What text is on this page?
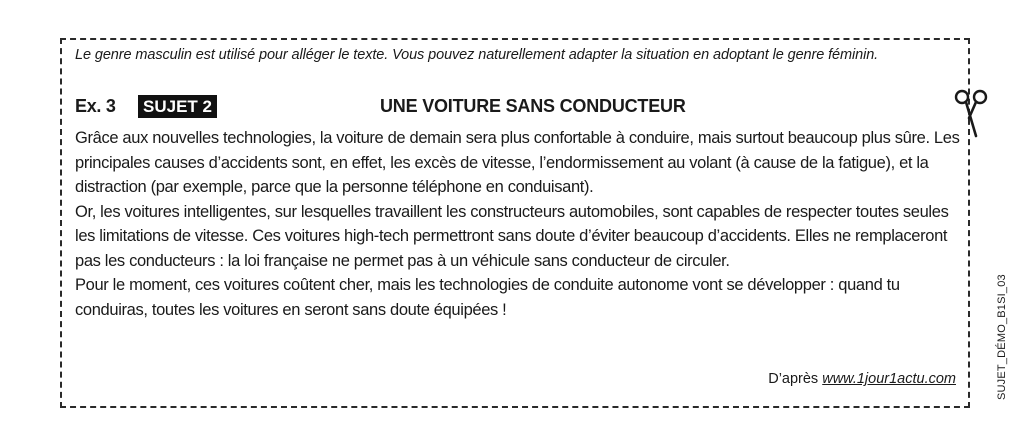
Le genre masculin est utilisé pour alléger le texte. Vous pouvez naturellement adapter la situation en adoptant le genre féminin.
Ex. 3 SUJET 2	UNE VOITURE SANS CONDUCTEUR

Grâce aux nouvelles technologies, la voiture de demain sera plus confortable à conduire, mais surtout beaucoup plus sûre. Les principales causes d’accidents sont, en effet, les excès de vitesse, l’endormissement au volant (à cause de la fatigue), et la distraction (par exemple, parce que la personne téléphone en conduisant).

Or, les voitures intelligentes, sur lesquelles travaillent les constructeurs automobiles, sont capables de respecter toutes seules les limitations de vitesse. Ces voitures high-tech permettront sans doute d’éviter beaucoup d’accidents. Elles ne remplaceront pas les conducteurs : la loi française ne permet pas à un véhicule sans conducteur de circuler.

Pour le moment, ces voitures coûtent cher, mais les technologies de conduite autonome vont se développer : quand tu conduiras, toutes les voitures en seront sans doute équipées !

D’après www.1jour1actu.com	SUJET_DÉMO_B1SI_03
